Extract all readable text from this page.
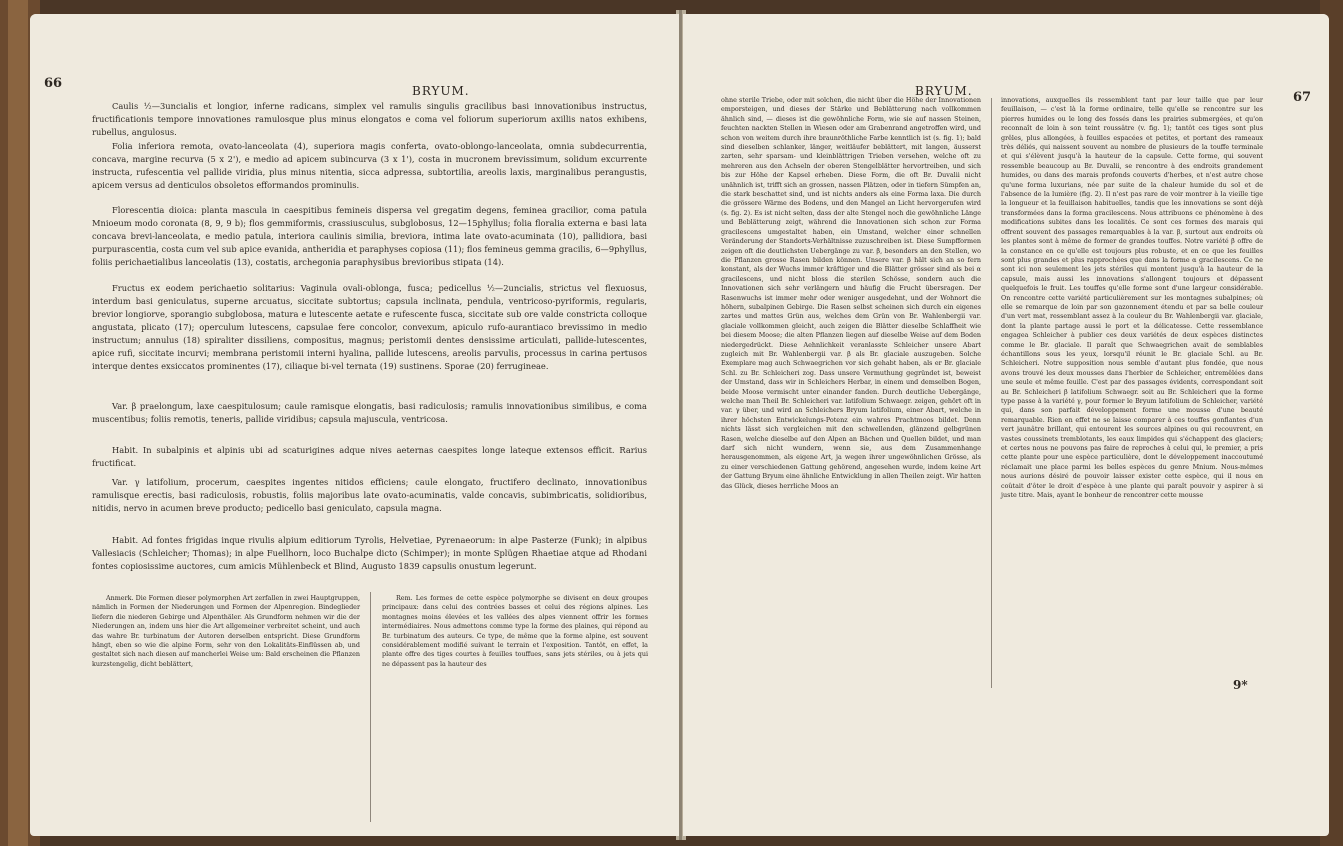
66	BRYUM.

Caulis ½—3uncialis et longior, inferne radicans, simplex vel ramulis singulis gracilibus basi innovationibus instructus, fructificationis tempore innovationes ramulosque plus minus elongatos e coma vel foliorum superiorum axillis natos exhibens, rubellus, angulosus.

Folia inferiora remota, ovato-lanceolata (4), superiora magis conferta, ovato-oblongo-lanceolata, omnia subdecurrentia, concava, margine recurva (5 x 2'), e medio ad apicem subincurva (3 x 1'), costa in mucronem brevissimum, solidum excurrente instructa, rufescentia vel pallide viridia, plus minus nitentia, sicca adpressa, subtortilia, areolis laxis, marginalibus perangustis, apicem versus ad denticulos obsoletos efformandos prominulis.

Florescentia dioica: planta mascula in caespitibus femineis dispersa vel gregatim degens, feminea gracilior, coma patula Mnioeum modo coronata (8, 9, 9 b); flos gemmiformis, crassiusculus, subglobosus, 12—15phyllus; folia floralia externa e basi lata concava brevi-lanceolata, e medio patula, interiora caulinis similia, breviora, intima late ovato-acuminata (10), pallidiora, basi purpurascentia, costa cum vel sub apice evanida, antheridia et paraphyses copiosa (11); flos femineus gemma gracilis, 6—9phyllus, foliis perichaetialibus lanceolatis (13), costatis, archegonia paraphysibus brevioribus stipata (14).

Fructus ex eodem perichaetio solitarius: Vaginula ovali-oblonga, fusca; pedicellus ½—2uncialis, strictus vel flexuosus, interdum basi geniculatus, superne arcuatus, siccitate subtortus; capsula inclinata, pendula, ventricoso-pyriformis, regularis, brevior longiorve, sporangio subglobosa, matura e lutescente aetate e rufescente fusca, siccitate sub ore valde constricta colloque angustata, plicato (17); operculum lutescens, capsulae fere concolor, convexum, apiculo rufo-aurantiaco brevissimo in medio instructum; annulus (18) spiraliter dissiliens, compositus, magnus; peristomii dentes densissime articulati, pallide-lutescentes, apice rufi, siccitate incurvi; membrana peristomii interni hyalina, pallide lutescens, areolis parvulis, processus in carina pertusos interque dentes exsiccatos prominentes (17), ciliaque bi-vel ternata (19) sustinens. Sporae (20) ferrugineae.

Var. β praelongum, laxe caespitulosum; caule ramisque elongatis, basi radiculosis; ramulis innovationibus similibus, e coma muscentibus; foliis remotis, teneris, pallide viridibus; capsula majuscula, ventricosa.

Habit. In subalpinis et alpinis ubi ad scaturigines adque nives aeternas caespites longe lateque extensos efficit. Rarius fructificat.

Var. γ latifolium, procerum, caespites ingentes nitidos efficiens; caule elongato, fructifero declinato, innovationibus ramulisque erectis, basi radiculosis, robustis, foliis majoribus late ovato-acuminatis, valde concavis, subimbricatis, solidioribus, nitidis, nervo in acumen breve producto; pedicello basi geniculato, capsula magna.

Habit. Ad fontes frigidas inque rivulis alpium editiorum Tyrolis, Helvetiae, Pyrenaeorum: in alpe Pasterze (Funk); in alpibus Vallesiacis (Schleicher; Thomas); in alpe Fuellhorn, loco Buchalpe dicto (Schimper); in monte Splügen Rhaetiae atque ad Rhodani fontes copiosissime auctores, cum amicis Mühlenbeck et Blind, Augusto 1839 capsulis onustum legerunt.

Anmerk. Die Formen dieser polymorphen Art zerfallen in zwei Hauptgruppen, nämlich in Formen der Niederungen und Formen der Alpenregion. Bindeglieder liefern die niederen Gebirge und Alpenthäler. Als Grundform nehmen wir die der Niederungen an, indem uns hier die Art allgemeiner verbreitet scheint, und auch das wahre Br. turbinatum der Autoren derselben entspricht. Diese Grundform hängt, eben so wie die alpine Form, sehr von den Lokalitäts-Einflüssen ab, und gestaltet sich nach diesen auf mancherlei Weise um: Bald erscheinen die Pflanzen kurzstengelig, dicht beblättert,

Rem. Les formes de cette espèce polymorphe se divisent en deux groupes principaux: dans celui des contrées basses et celui des régions alpines. Les montagnes moins élevées et les vallées des alpes viennent offrir les formes intermédiaires. Nous admettons comme type la forme des plaines, qui répond au Br. turbinatum des auteurs. Ce type, de même que la forme alpine, est souvent considérablement modifié suivant le terrain et l'exposition. Tantôt, en effet, la plante offre des tiges courtes à feuilles touffues, sans jets stériles, ou à jets qui ne dépassent pas la hauteur des

BRYUM.	67

ohne sterile Triebe, oder mit solchen, die nicht über die Höhe der Innovationen emporsteigen, und dieses der Stärke und Beblätterung nach vollkommen ähnlich sind, — dieses ist die gewöhnliche Form, wie sie auf nassen Steinen, feuchten nackten Stellen in Wiesen oder am Grabenrand angetroffen wird, und schon von weitem durch ihre braunröthliche Farbe kenntlich ist (s. fig. 1); bald sind dieselben schlanker, länger, weitläufer beblättert, mit langen, äusserst zarten, sehr sparsam- und kleinblättrigen Trieben versehen, welche oft zu mehreren aus den Achseln der oberen Stengelblätter hervortreiben, und sich bis zur Höhe der Kapsel erheben. Diese Form, die oft Br. Duvalii nicht unähnlich ist, trifft sich an grossen, nassen Plätzen, oder in tiefern Sümpfen an, die stark beschattet sind, und ist nichts anders als eine Forma laxa. Die durch die grössere Wärme des Bodens, und den Mangel an Licht hervorgerufen wird (s. fig. 2). Es ist nicht selten, dass der alte Stengel noch die gewöhnliche Länge und Beblätterung zeigt, während die Innovationen sich schon zur Forma gracilescens umgestaltet haben, ein Umstand, welcher einer schnellen Veränderung der Standorts-Verhältnisse zuzuschreiben ist. Diese Sumpfformen zeigen oft die deutlichsten Uebergänge zu var. β, besonders an den Stellen, wo die Pflanzen grosse Rasen bilden können. Unsere var. β hält sich an so fern konstant, als der Wuchs immer kräftiger und die Blätter grösser sind als bei α gracilescens, und nicht bloss die sterilen Schösse, sondern auch die Innovationen sich sehr verlängern und häufig die Frucht übersragen. Der Rasenwuchs ist immer mehr oder weniger ausgedehnt, und der Wohnort die höhern, subalpinen Gebirge. Die Rasen selbst scheinen sich durch ein eigenes zartes und mattes Grün aus, welches dem Grün von Br. Wahlenbergii var. glaciale vollkommen gleicht, auch zeigen die Blätter dieselbe Schlaffheit wie bei diesem Moose; die alten Pflanzen liegen auf dieselbe Weise auf dem Boden niedergedrückt. Diese Aehnlichkeit veranlasste Schleicher unsere Abart zugleich mit Br. Wahlenbergii var. β als Br. glaciale auszugeben. Solche Exemplare mag auch Schwaegrichen vor sich gehabt haben, als er Br. glaciale Schl. zu Br. Schleicheri zog. Dass unsere Vermuthung gegründet ist, beweist der Umstand, dass wir in Schleichers Herbar, in einem und demselben Bogen, beide Moose vermischt unter einander fanden. Durch deutliche Uebergänge, welche man Theil Br. Schleicheri var. latifolium Schwaegr. zeigen, gehört oft in var. γ über, und wird an Schleichers Bryum latifolium, einer Abart, welche in ihrer höchsten Entwickelungs-Potenz ein wahres Prachtmoos bildet. Denn nichts lässt sich vergleichen mit den schwellenden, glänzend gelbgrünen Rasen, welche dieselbe auf den Alpen an Bächen und Quellen bildet, und man darf sich nicht wundern, wenn sie, aus dem Zusammenhange herausgenommen, als eigene Art, ja wegen ihrer ungewöhnlichen Grösse, als zu einer verschiedenen Gattung gehörend, angesehen wurde, indem keine Art der Gattung Bryum eine ähnliche Entwicklung in allen Theilen zeigt. Wir hatten das Glück, dieses herrliche Moos an

innovations, auxquelles ils ressemblent tant par leur taille que par leur feuillaison, — c'est là la forme ordinaire, telle qu'elle se rencontre sur les pierres humides ou le long des fossés dans les prairies submergées, et qu'on reconnaît de loin à son teint roussâtre (v. fig. 1); tantôt ces tiges sont plus grêles, plus allongées, à feuilles espacées et petites, et portant des rameaux très déliés, qui naissent souvent au nombre de plusieurs de la touffe terminale et qui s'élèvent jusqu'à la hauteur de la capsule. Cette forme, qui souvent ressemble beaucoup au Br. Duvalii, se rencontre à des endroits grandement humides, ou dans des marais profonds couverts d'herbes, et n'est autre chose qu'une forma luxurians, née par suite de la chaleur humide du sol et de l'absence de la lumière (fig. 2). Il n'est pas rare de voir montrer à la vieille tige la longueur et la feuillaison habituelles, tandis que les innovations se sont déjà transformées dans la forma gracilescens. Nous attribuons ce phénomène à des modifications subites dans les localités. Ce sont ces formes des marais qui offrent souvent des passages remarquables à la var. β, surtout aux endroits où les plantes sont à même de former de grandes touffes. Notre variété β offre de la constance en ce qu'elle est toujours plus robuste, et en ce que les feuilles sont plus grandes et plus rapprochées que dans la forme α gracilescens. Ce ne sont ici non seulement les jets stériles qui montent jusqu'à la hauteur de la capsule, mais aussi les innovations s'allongent toujours et dépassent quelquefois le fruit. Les touffes qu'elle forme sont d'une largeur considérable. On rencontre cette variété particulièrement sur les montagnes subalpines; où elle se remarque de loin par son gazonnement étendu et par sa belle couleur d'un vert mat, ressemblant assez à la couleur du Br. Wahlenbergii var. glaciale, dont la plante partage aussi le port et la délicatesse. Cette ressemblance engagea Schleicher à publier ces deux variétés de deux espèces distinctes comme le Br. glaciale. Il paraît que Schwaegrichen avait de semblables échantillons sous les yeux, lorsqu'il réunit le Br. glaciale Schl. au Br. Schleicheri. Notre supposition nous semble d'autant plus fondée, que nous avons trouvé les deux mousses dans l'herbier de Schleicher, entremêlées dans une seule et même feuille. C'est par des passages évidents, correspondant soit au Br. Schleicheri β latifolium Schwaegr. soit au Br. Schleicheri que la forme type passe à la variété γ, pour former le Bryum latifolium de Schleicher, variété qui, dans son parfait développement forme une mousse d'une beauté remarquable. Rien en effet ne se laisse comparer à ces touffes gonflantes d'un vert jaunâtre brillant, qui entourent les sources alpines ou qui recouvrent, en vastes coussinets tremblotants, les eaux limpides qui s'échappent des glaciers; et certes nous ne pouvons pas faire de reproches à celui qui, le premier, a pris cette plante pour une espèce particulière, dont le développement inaccoutumé réclamait une place parmi les belles espèces du genre Mnium. Nous-mêmes nous aurions désiré de pouvoir laisser exister cette espèce, qui il nous en coûtait d'ôter le droit d'espèce à une plante qui paraît pouvoir y aspirer à si juste titre. Mais, ayant le bonheur de rencontrer cette mousse

9*
